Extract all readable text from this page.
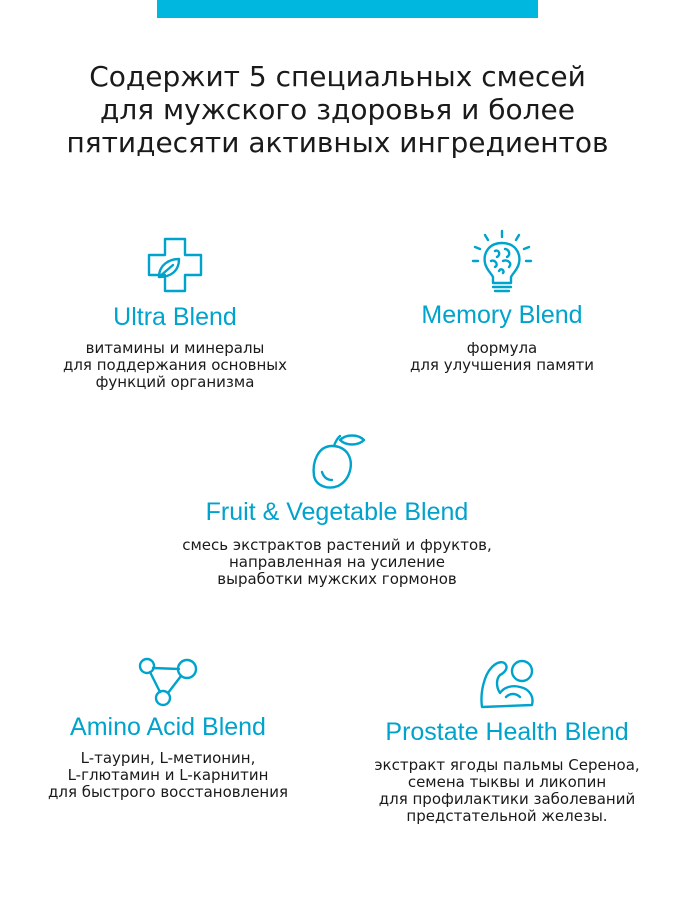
Содержит 5 специальных смесей
для мужского здоровья и более
пятидесяти активных ингредиентов
Ultra Blend
витамины и минералы
для поддержания основных
функций организма
Memory Blend
формула
для улучшения памяти
Fruit & Vegetable Blend
смесь экстрактов растений и фруктов,
направленная на усиление
выработки мужских гормонов
Amino Acid Blend
L-таурин, L-метионин,
L-глютамин и L-карнитин
для быстрого восстановления
Prostate Health Blend
экстракт ягоды пальмы Сереноа,
семена тыквы и ликопин
для профилактики заболеваний
предстательной железы.
